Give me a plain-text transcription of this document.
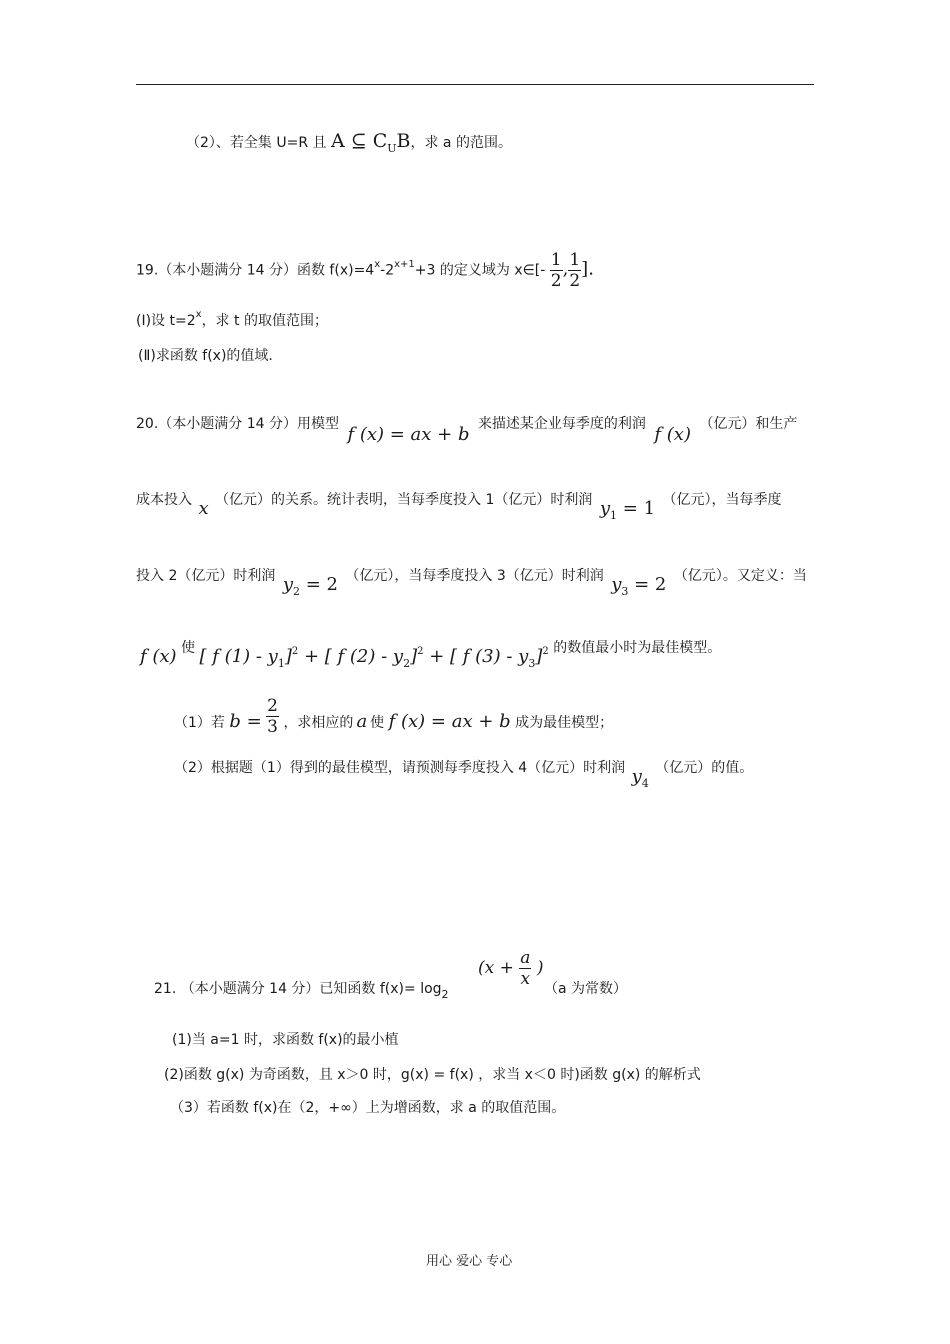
（2）、若全集 U=R 且 A ⊆ $C_UB$，求 a 的范围。
19.（本小题满分 14 分）函数 $f(x)=4^x-2^{x+1}+3$ 的定义域为 x∈[- $\frac{1}{2}$ , $\frac{1}{2}$ ].
(Ⅰ)设 $t=2^x$，求 t 的取值范围；
(Ⅱ)求函数 f(x)的值域.
20.（本小题满分 14 分）用模型 f (x) = ax + b 来描述某企业每季度的利润 f (x) （亿元）和生产
成本投入 x （亿元）的关系。统计表明，当每季度投入 1（亿元）时利润 $y_1 = 1$ （亿元），当每季度
投入 2（亿元）时利润 $y_2 = 2$ （亿元），当每季度投入 3（亿元）时利润 $y_3 = 2$ （亿元）。又定义：当
f (x) 使 [ f $(1) - y_1]^2$ + [ f $(2) - y_2]^2$ + [ f $(3) - y_3]^2$ 的数值最小时为最佳模型。
（1）若 $b = \frac{2}{3}$ ，求相应的 a 使 f (x) = ax + b 成为最佳模型；
（2）根据题（1）得到的最佳模型，请预测每季度投入 4（亿元）时利润 $y_4$ （亿元）的值。
21. （本小题满分 14 分）已知函数 $f(x)= \log_2$
($x + \frac{a}{x}$ )
（a 为常数）
(1)当 a=1 时，求函数 f(x)的最小植
(2)函数 g(x) 为奇函数，且 x＞0 时，g(x) = f(x) ，求当 x＜0 时)函数 g(x) 的解析式
（3）若函数 f(x)在（2，+∞）上为增函数，求 a 的取值范围。
用心 爱心 专心
